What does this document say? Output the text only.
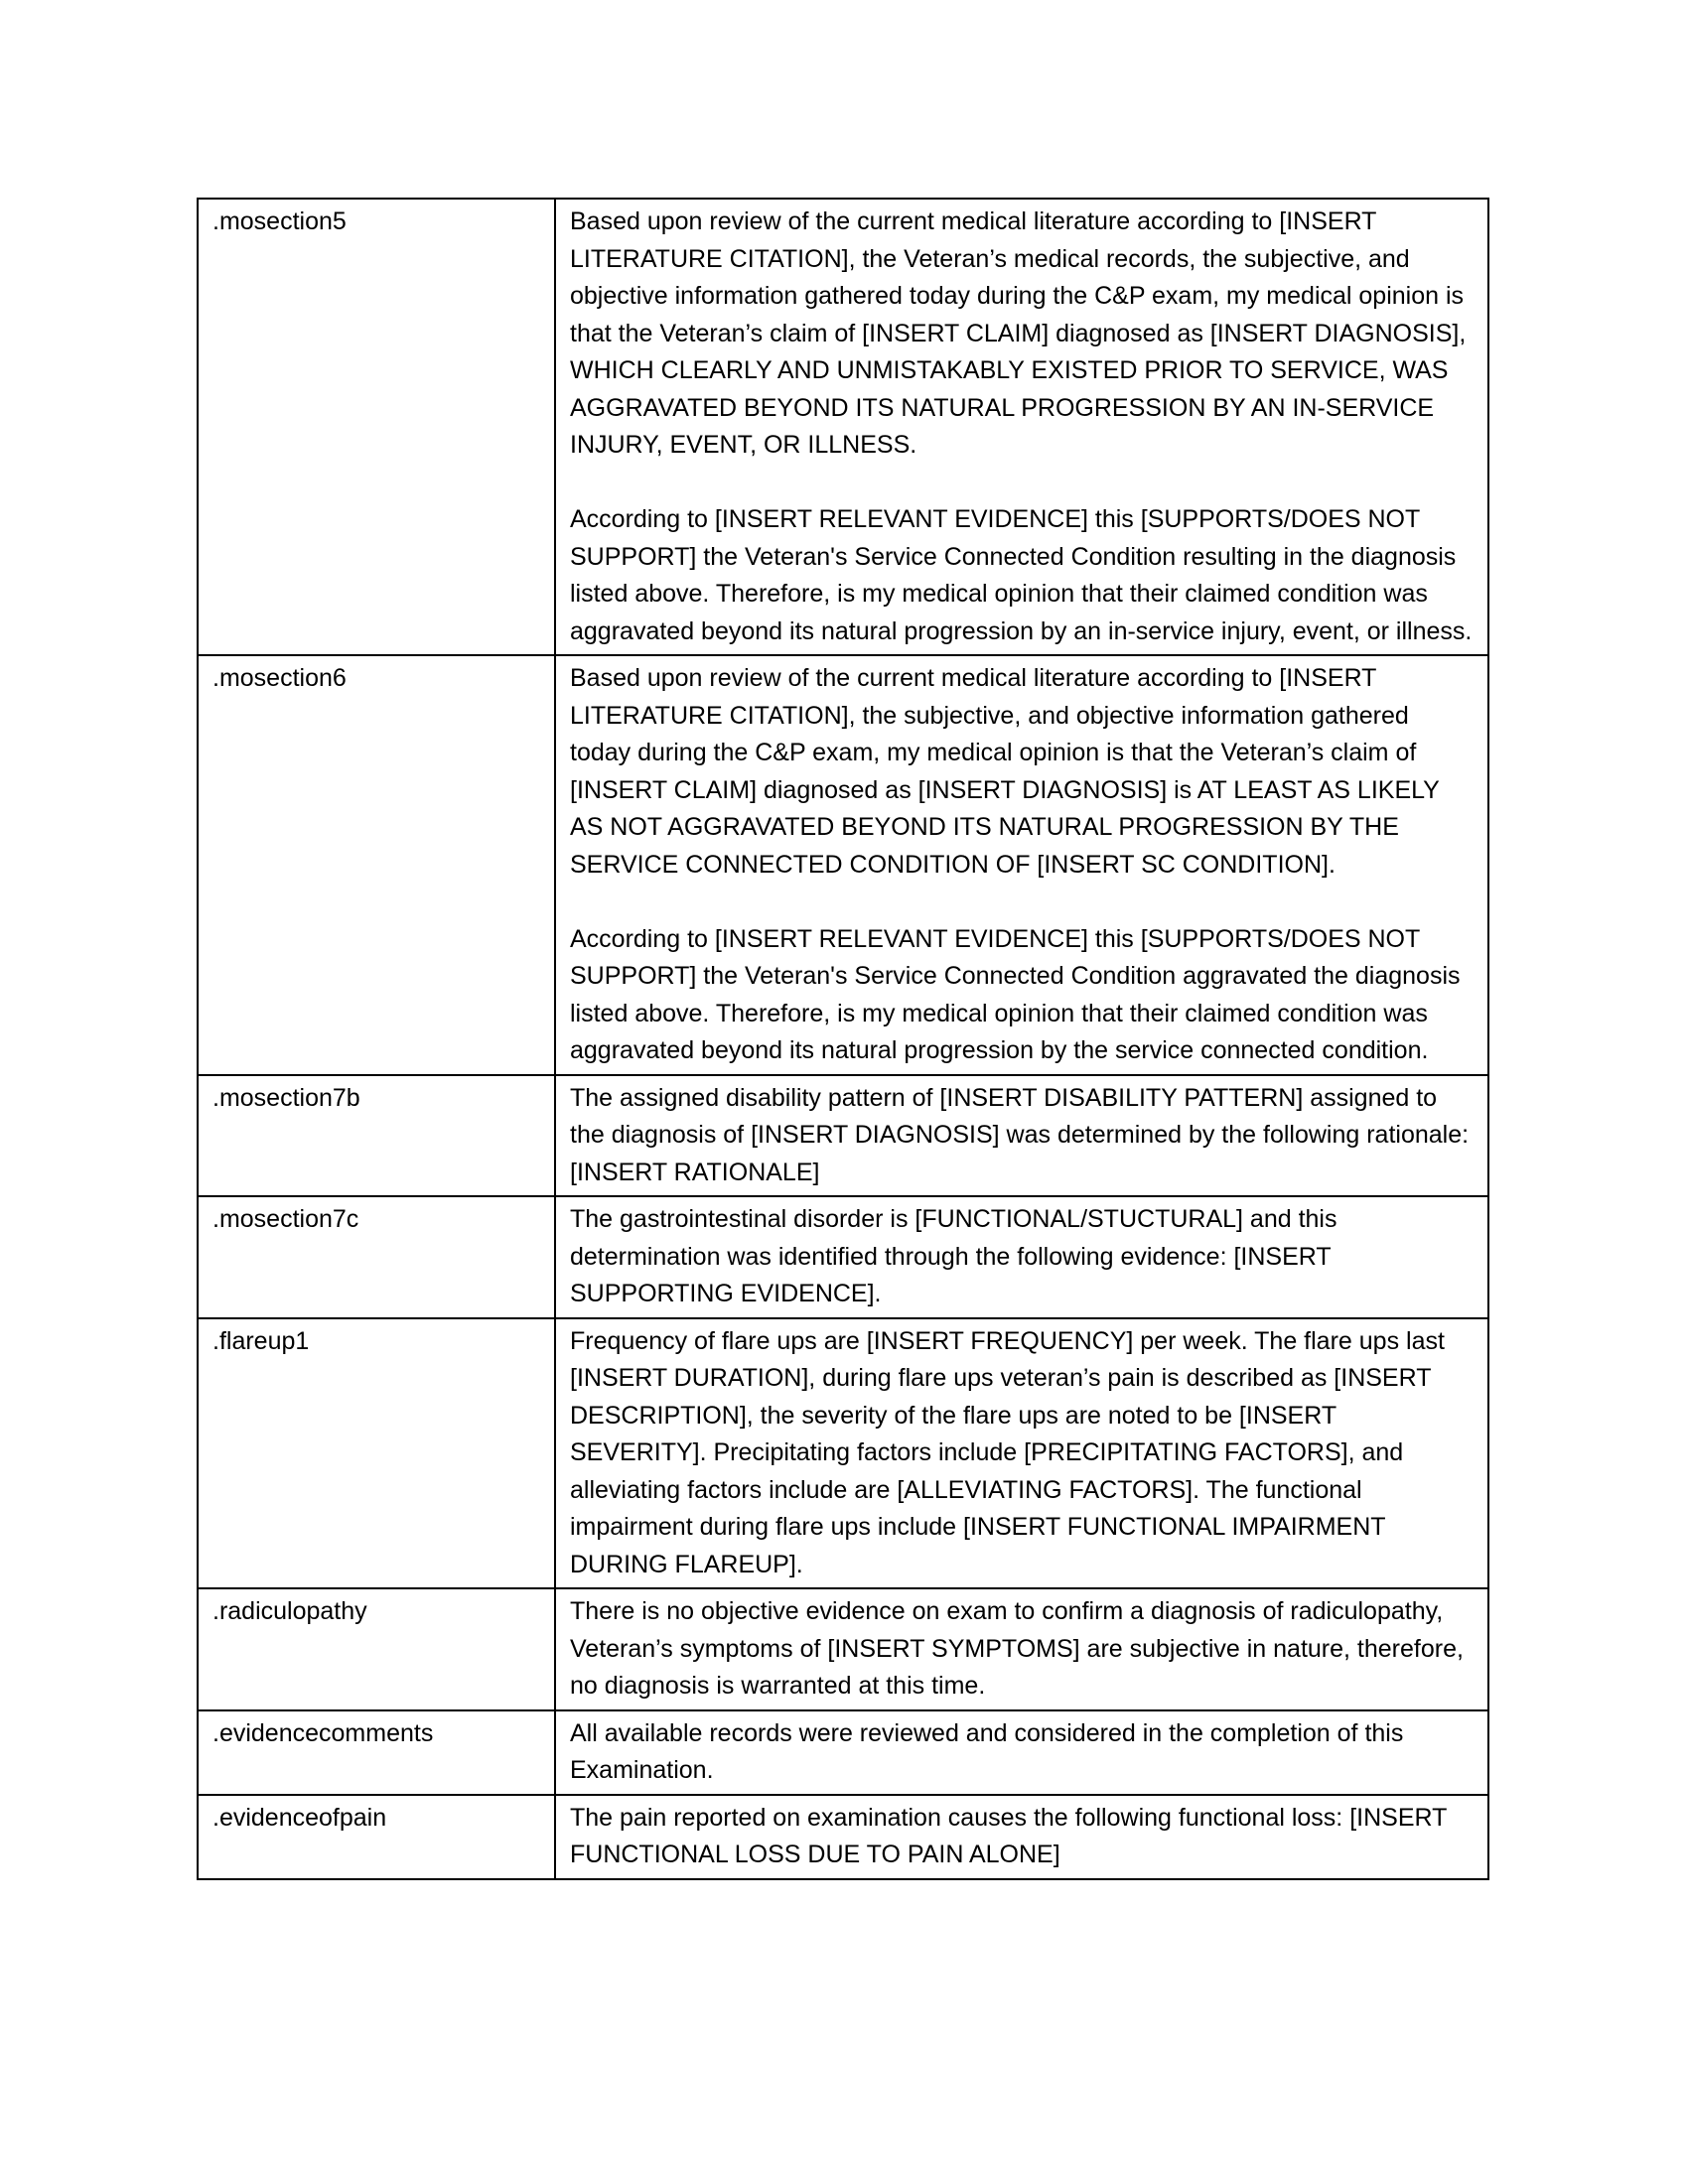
.mosection5	Based upon review of the current medical literature according to [INSERT LITERATURE CITATION], the Veteran’s medical records, the subjective, and objective information gathered today during the C&P exam, my medical opinion is that the Veteran’s claim of [INSERT CLAIM] diagnosed as [INSERT DIAGNOSIS], WHICH CLEARLY AND UNMISTAKABLY EXISTED PRIOR TO SERVICE, WAS AGGRAVATED BEYOND ITS NATURAL PROGRESSION BY AN IN-SERVICE INJURY, EVENT, OR ILLNESS.

According to [INSERT RELEVANT EVIDENCE] this [SUPPORTS/DOES NOT SUPPORT] the Veteran's Service Connected Condition resulting in the diagnosis listed above. Therefore, is my medical opinion that their claimed condition was aggravated beyond its natural progression by an in-service injury, event, or illness.

.mosection6	Based upon review of the current medical literature according to [INSERT LITERATURE CITATION], the subjective, and objective information gathered today during the C&P exam, my medical opinion is that the Veteran’s claim of [INSERT CLAIM] diagnosed as [INSERT DIAGNOSIS] is AT LEAST AS LIKELY AS NOT AGGRAVATED BEYOND ITS NATURAL PROGRESSION BY THE SERVICE CONNECTED CONDITION OF [INSERT SC CONDITION].

According to [INSERT RELEVANT EVIDENCE] this [SUPPORTS/DOES NOT SUPPORT] the Veteran's Service Connected Condition aggravated the diagnosis listed above. Therefore, is my medical opinion that their claimed condition was aggravated beyond its natural progression by the service connected condition.

.mosection7b	The assigned disability pattern of [INSERT DISABILITY PATTERN] assigned to the diagnosis of [INSERT DIAGNOSIS] was determined by the following rationale: [INSERT RATIONALE]

.mosection7c	The gastrointestinal disorder is [FUNCTIONAL/STUCTURAL] and this determination was identified through the following evidence: [INSERT SUPPORTING EVIDENCE].

.flareup1	Frequency of flare ups are [INSERT FREQUENCY] per week. The flare ups last [INSERT DURATION], during flare ups veteran’s pain is described as [INSERT DESCRIPTION], the severity of the flare ups are noted to be [INSERT SEVERITY]. Precipitating factors include [PRECIPITATING FACTORS], and alleviating factors include are [ALLEVIATING FACTORS]. The functional impairment during flare ups include [INSERT FUNCTIONAL IMPAIRMENT DURING FLAREUP].

.radiculopathy	There is no objective evidence on exam to confirm a diagnosis of radiculopathy, Veteran’s symptoms of [INSERT SYMPTOMS] are subjective in nature, therefore, no diagnosis is warranted at this time.

.evidencecomments	All available records were reviewed and considered in the completion of this Examination.

.evidenceofpain	The pain reported on examination causes the following functional loss: [INSERT FUNCTIONAL LOSS DUE TO PAIN ALONE]
